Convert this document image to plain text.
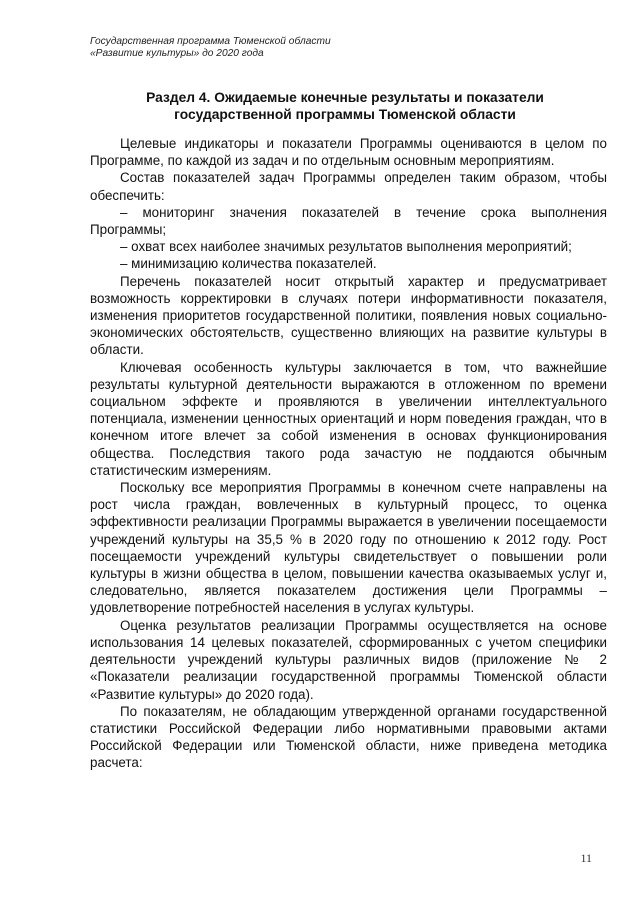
Государственная программа Тюменской области
«Развитие культуры» до 2020 года
Раздел 4. Ожидаемые конечные результаты и показатели
государственной программы Тюменской области

Целевые индикаторы и показатели Программы оцениваются в целом по Программе, по каждой из задач и по отдельным основным мероприятиям.

Состав показателей задач Программы определен таким образом, чтобы обеспечить:

– мониторинг значения показателей в течение срока выполнения Программы;

– охват всех наиболее значимых результатов выполнения мероприятий;

– минимизацию количества показателей.

Перечень показателей носит открытый характер и предусматривает возможность корректировки в случаях потери информативности показателя, изменения приоритетов государственной политики, появления новых социально-экономических обстоятельств, существенно влияющих на развитие культуры в области.

Ключевая особенность культуры заключается в том, что важнейшие результаты культурной деятельности выражаются в отложенном по времени социальном эффекте и проявляются в увеличении интеллектуального потенциала, изменении ценностных ориентаций и норм поведения граждан, что в конечном итоге влечет за собой изменения в основах функционирования общества. Последствия такого рода зачастую не поддаются обычным статистическим измерениям.

Поскольку все мероприятия Программы в конечном счете направлены на рост числа граждан, вовлеченных в культурный процесс, то оценка эффективности реализации Программы выражается в увеличении посещаемости учреждений культуры на 35,5 % в 2020 году по отношению к 2012 году. Рост посещаемости учреждений культуры свидетельствует о повышении роли культуры в жизни общества в целом, повышении качества оказываемых услуг и, следовательно, является показателем достижения цели Программы – удовлетворение потребностей населения в услугах культуры.

Оценка результатов реализации Программы осуществляется на основе использования 14 целевых показателей, сформированных с учетом специфики деятельности учреждений культуры различных видов (приложение № 2 «Показатели реализации государственной программы Тюменской области «Развитие культуры» до 2020 года).

По показателям, не обладающим утвержденной органами государственной статистики Российской Федерации либо нормативными правовыми актами Российской Федерации или Тюменской области, ниже приведена методика расчета:

11
